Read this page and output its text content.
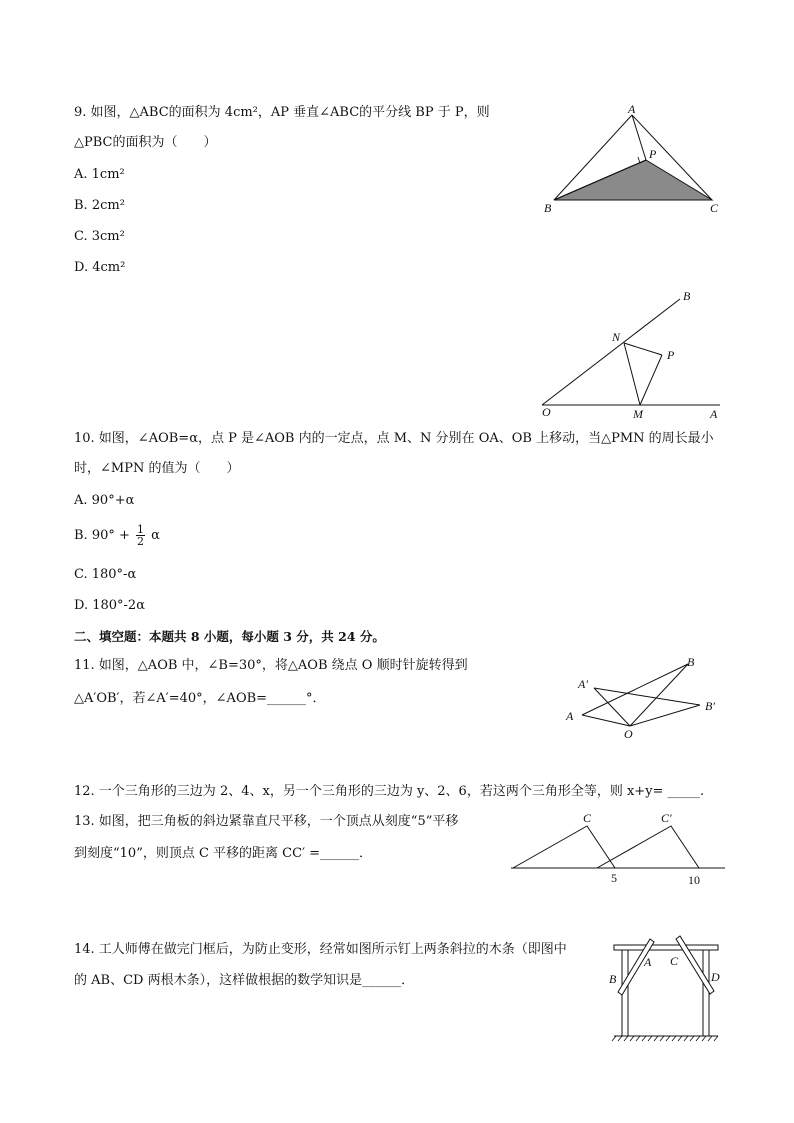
9. 如图，△ABC的面积为 4cm²，AP 垂直∠ABC的平分线 BP 于 P，则
△PBC的面积为（　　）
A. 1cm²
B. 2cm²
C. 3cm²
D. 4cm²
A
P
B	C
B
N
P
O	M	A
10. 如图，∠AOB=α，点 P 是∠AOB 内的一定点，点 M、N 分别在 OA、OB 上移动，当△PMN 的周长最小
时，∠MPN 的值为（　　）
A. 90°+α
B. $90^\circ + \frac{1}{2}$ α
C. 180°-α
D. 180°-2α
二、填空题：本题共 8 小题，每小题 3 分，共 24 分。
11. 如图，△AOB 中，∠B=30°，将△AOB 绕点 O 顺时针旋转得到
△A′OB′，若∠A′=40°，∠AOB=______°．
B
A′
A
B′
O
12. 一个三角形的三边为 2、4、x，另一个三角形的三边为 y、2、6，若这两个三角形全等，则 x+y= _____.
13. 如图，把三角板的斜边紧靠直尺平移，一个顶点从刻度“5”平移
到刻度“10”，则顶点 C 平移的距离 CC′ =______．
C	C′
5	10
14. 工人师傅在做完门框后，为防止变形，经常如图所示钉上两条斜拉的木条（即图中
的 AB、CD 两根木条），这样做根据的数学知识是______．	B
A C
D
